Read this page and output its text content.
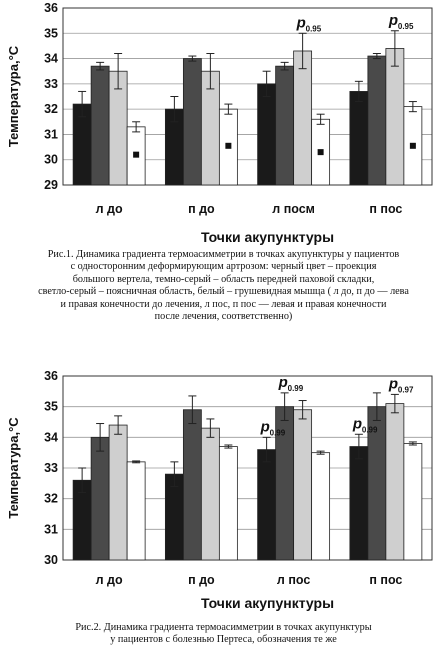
29
30
31
32
33
34
35
36
л до	п до	л посм	п пос
p 0.95
p 0.95
Температура,°С
Точки акупунктуры
Рис.1. Динамика градиента термоасимметрии в точках акупунктуры у пациентов
с односторонним деформирующим артрозом: черный цвет – проекция
большого вертела, темно-серый – область передней паховой складки,
светло-серый – поясничная область, белый – грушевидная мышца ( л до, п до — лева
и правая конечности до лечения, л пос, п пос — левая и правая конечности
после лечения, соответственно)
30
31
32
33
34
35
36
л до	п до	л пос	п пос
p 0.99
p 0.99
p 0.99
p 0.97
Температура,°С
Точки акупунктуры
Рис.2. Динамика градиента термоасимметрии в точках акупунктуры
у пациентов с болезнью Пертеса, обозначения те же
